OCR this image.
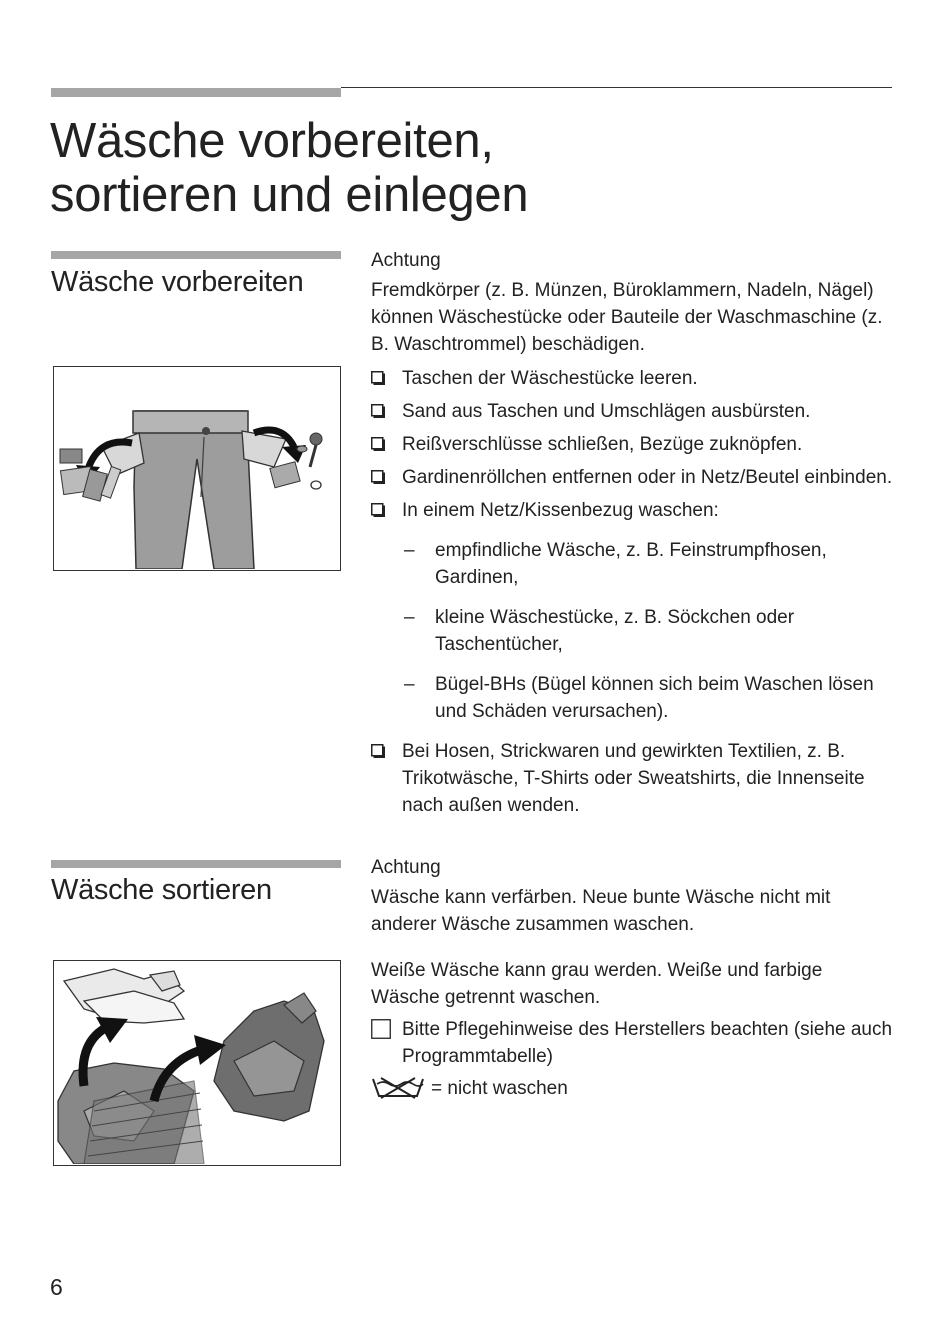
Wäsche vorbereiten,
sortieren und einlegen
Wäsche vorbereiten

Achtung

Fremdkörper (z. B. Münzen, Büroklammern, Nadeln, Nägel) können Wäschestücke oder Bauteile der Waschmaschine (z. B. Waschtrommel) beschädigen.

Taschen der Wäschestücke leeren.

Sand aus Taschen und Umschlägen ausbürsten.

Reißverschlüsse schließen, Bezüge zuknöpfen.

Gardinenröllchen entfernen oder in Netz/Beutel einbinden.

In einem Netz/Kissenbezug waschen:

– empfindliche Wäsche, z. B. Feinstrumpfhosen, Gardinen,

– kleine Wäschestücke, z. B. Söckchen oder Taschentücher,

– Bügel-BHs (Bügel können sich beim Waschen lösen und Schäden verursachen).

Bei Hosen, Strickwaren und gewirkten Textilien, z. B. Trikotwäsche, T-Shirts oder Sweatshirts, die Innenseite nach außen wenden.

Wäsche sortieren

Achtung

Wäsche kann verfärben. Neue bunte Wäsche nicht mit anderer Wäsche zusammen waschen.

Weiße Wäsche kann grau werden. Weiße und farbige Wäsche getrennt waschen.

Bitte Pflegehinweise des Herstellers beachten (siehe auch Programmtabelle)

= nicht waschen

6
